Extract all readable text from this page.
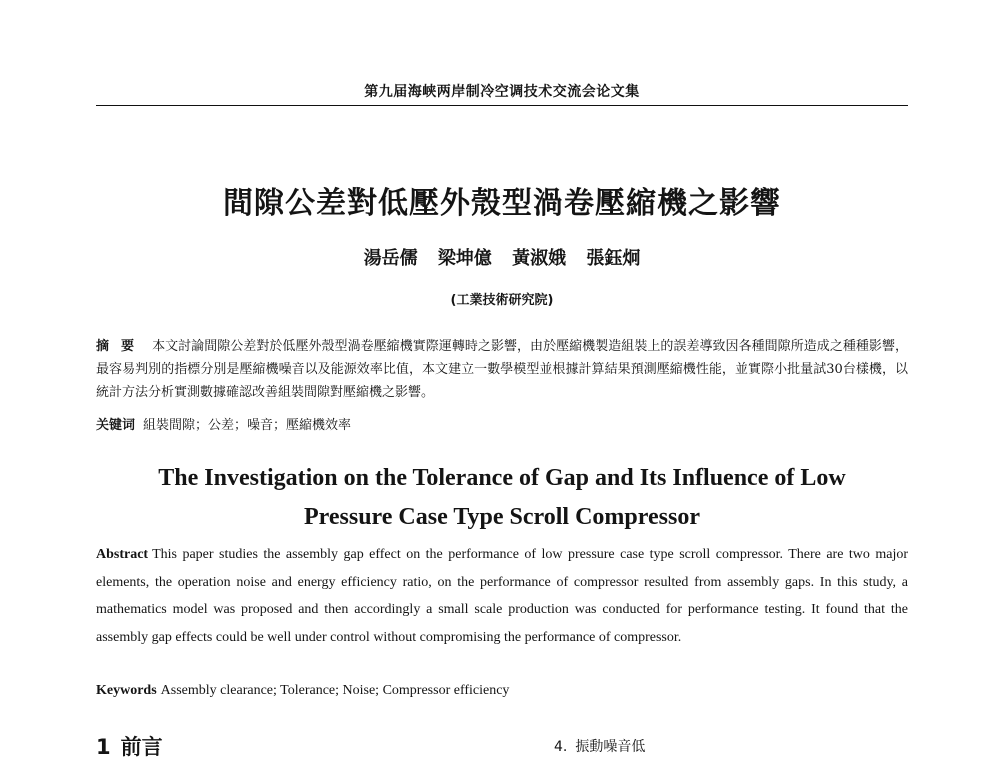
第九届海峡两岸制冷空调技术交流会论文集
間隙公差對低壓外殼型渦卷壓縮機之影響
湯岳儒 梁坤億 黃淑娥 張鈺炯
(工業技術研究院)
摘要 本文討論間隙公差對於低壓外殼型渦卷壓縮機實際運轉時之影響，由於壓縮機製造組裝上的誤差導致因各種間隙所造成之種種影響，最容易判別的指標分別是壓縮機噪音以及能源效率比值，本文建立一數學模型並根據計算結果預測壓縮機性能，並實際小批量試30台樣機，以統計方法分析實測數據確認改善組裝間隙對壓縮機之影響。
关键词 組裝間隙；公差；噪音；壓縮機效率
The Investigation on the Tolerance of Gap and Its Influence of Low
Pressure Case Type Scroll Compressor
Abstract This paper studies the assembly gap effect on the performance of low pressure case type scroll compressor. There are two major elements, the operation noise and energy efficiency ratio, on the performance of compressor resulted from assembly gaps. In this study, a mathematics model was proposed and then accordingly a small scale production was conducted for performance testing. It found that the assembly gap effects could be well under control without compromising the performance of compressor.
Keywords Assembly clearance; Tolerance; Noise; Compressor efficiency
1 前言	4. 振動噪音低
